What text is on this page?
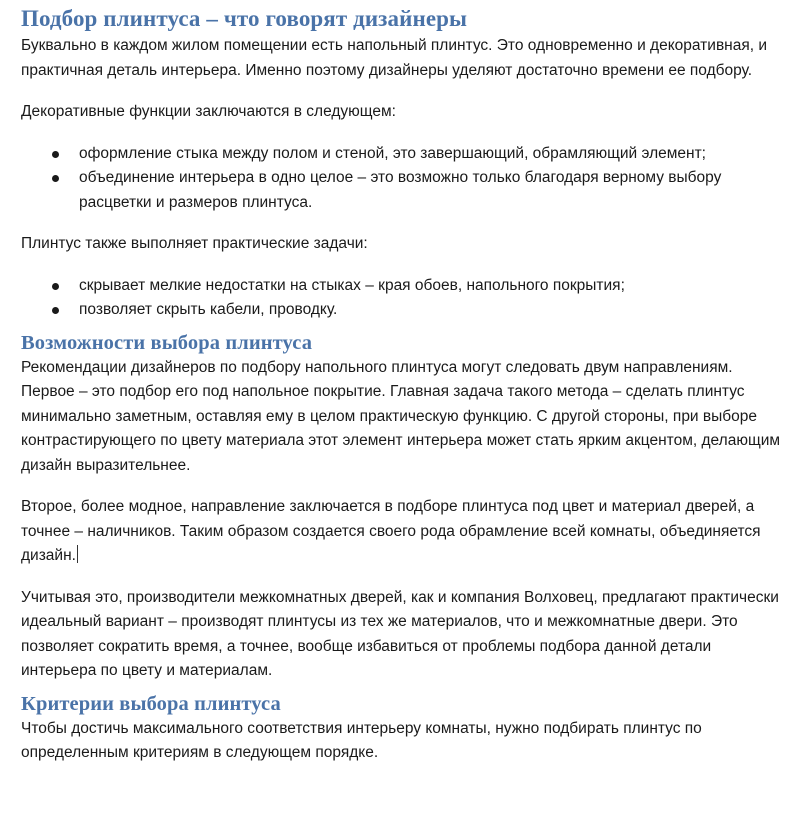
Подбор плинтуса – что говорят дизайнеры

Буквально в каждом жилом помещении есть напольный плинтус. Это одновременно и декоративная, и практичная деталь интерьера. Именно поэтому дизайнеры уделяют достаточно времени ее подбору.

Декоративные функции заключаются в следующем:

оформление стыка между полом и стеной, это завершающий, обрамляющий элемент;
объединение интерьера в одно целое – это возможно только благодаря верному выбору расцветки и размеров плинтуса.

Плинтус также выполняет практические задачи:

скрывает мелкие недостатки на стыках – края обоев, напольного покрытия;
позволяет скрыть кабели, проводку.
Возможности выбора плинтуса

Рекомендации дизайнеров по подбору напольного плинтуса могут следовать двум направлениям. Первое – это подбор его под напольное покрытие. Главная задача такого метода – сделать плинтус минимально заметным, оставляя ему в целом практическую функцию. С другой стороны, при выборе контрастирующего по цвету материала этот элемент интерьера может стать ярким акцентом, делающим дизайн выразительнее.

Второе, более модное, направление заключается в подборе плинтуса под цвет и материал дверей, а точнее – наличников. Таким образом создается своего рода обрамление всей комнаты, объединяется дизайн.

Учитывая это, производители межкомнатных дверей, как и компания Волховец, предлагают практически идеальный вариант – производят плинтусы из тех же материалов, что и межкомнатные двери. Это позволяет сократить время, а точнее, вообще избавиться от проблемы подбора данной детали интерьера по цвету и материалам.

Критерии выбора плинтуса

Чтобы достичь максимального соответствия интерьеру комнаты, нужно подбирать плинтус по определенным критериям в следующем порядке.
